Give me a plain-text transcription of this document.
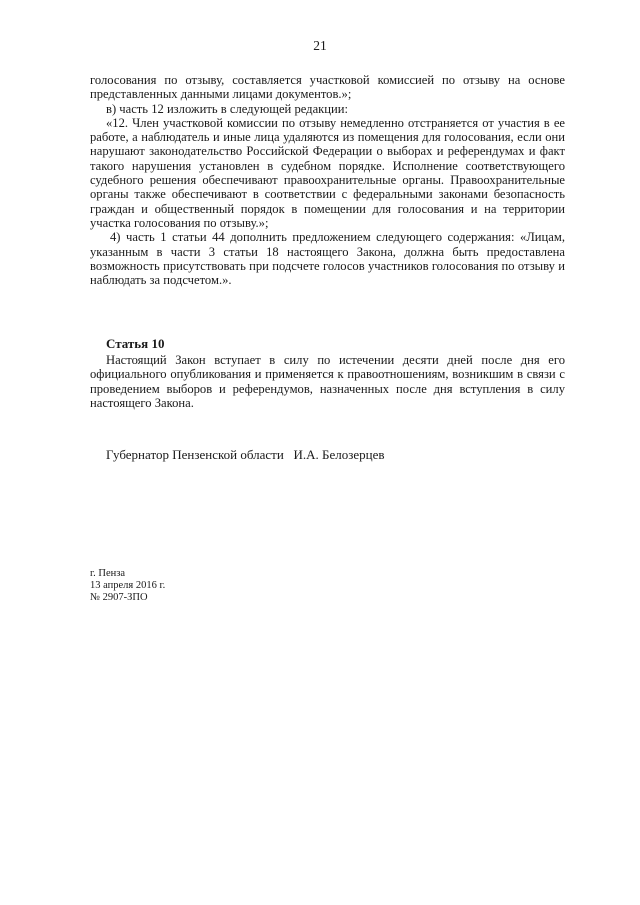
21

голосования по отзыву, составляется участковой комиссией по отзыву на основе представленных данными лицами документов.»;

в) часть 12 изложить в следующей редакции:

«12. Член участковой комиссии по отзыву немедленно отстраняется от участия в ее работе, а наблюдатель и иные лица удаляются из помещения для голосования, если они нарушают законодательство Российской Федерации о выборах и референдумах и факт такого нарушения установлен в судебном порядке. Исполнение соответствующего судебного решения обеспечивают правоохранительные органы. Правоохранительные органы также обеспечивают в соответствии с федеральными законами безопасность граждан и общественный порядок в помещении для голосования и на территории участка голосования по отзыву.»;

4) часть 1 статьи 44 дополнить предложением следующего содержания: «Лицам, указанным в части 3 статьи 18 настоящего Закона, должна быть предоставлена возможность присутствовать при подсчете голосов участников голосования по отзыву и наблюдать за подсчетом.».

Статья 10

Настоящий Закон вступает в силу по истечении десяти дней после дня его официального опубликования и применяется к правоотношениям, возникшим в связи с проведением выборов и референдумов, назначенных после дня вступления в силу настоящего Закона.

Губернатор Пензенской области И.А. Белозерцев
г. Пенза
13 апреля 2016 г.
№ 2907-ЗПО
